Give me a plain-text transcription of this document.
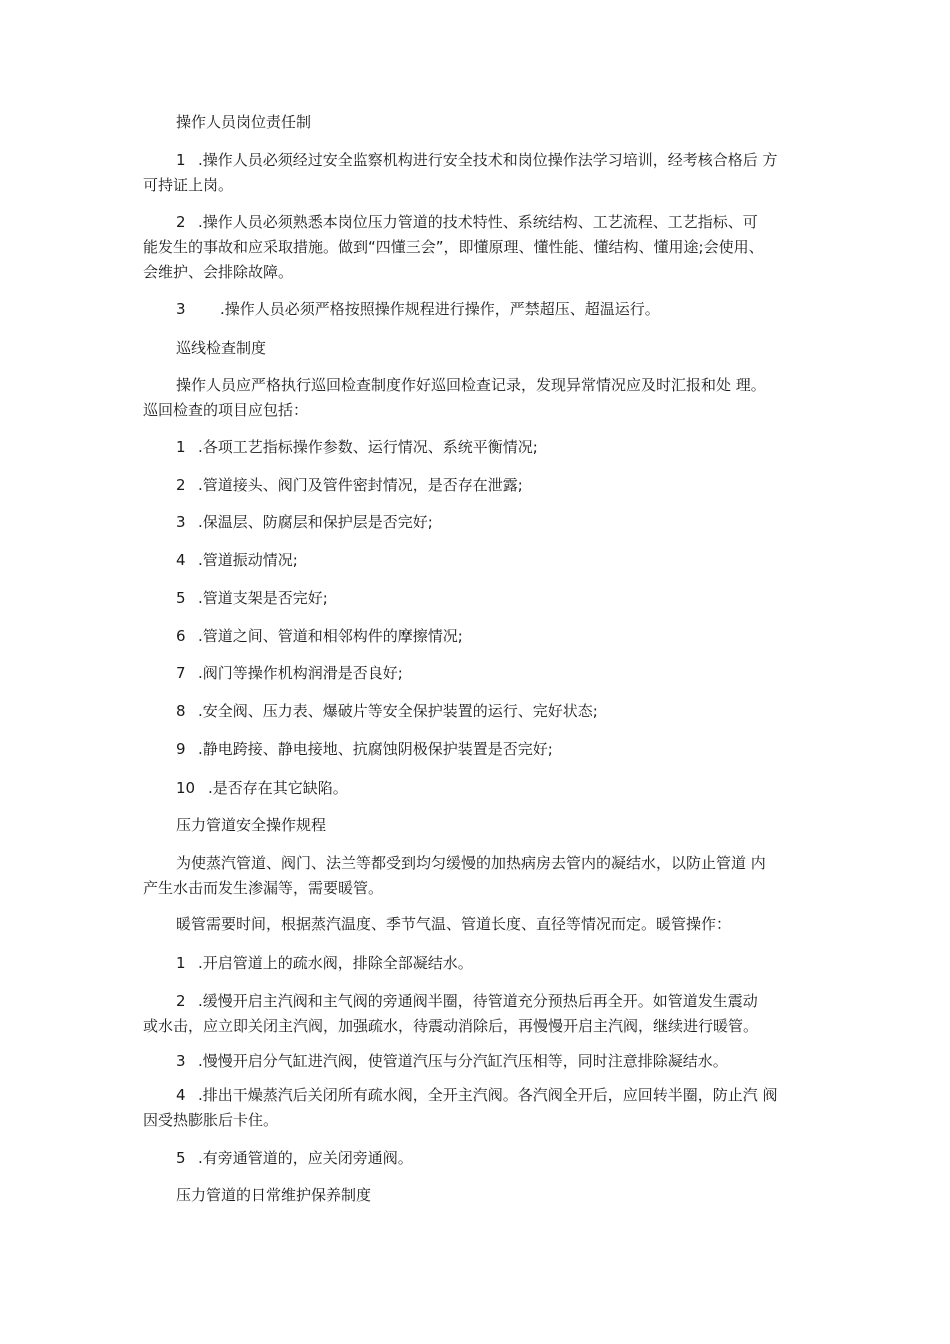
操作人员岗位责任制

1 .操作人员必须经过安全监察机构进行安全技术和岗位操作法学习培训，经考核合格后 方
可持证上岗。
2 .操作人员必须熟悉本岗位压力管道的技术特性、系统结构、工艺流程、工艺指标、可
能发生的事故和应采取措施。做到“四懂三会”，即懂原理、懂性能、懂结构、懂用途;会使用、
会维护、会排除故障。

3 .操作人员必须严格按照操作规程进行操作，严禁超压、超温运行。

巡线检查制度

操作人员应严格执行巡回检查制度作好巡回检查记录，发现异常情况应及时汇报和处 理。
巡回检查的项目应包括：

1 .各项工艺指标操作参数、运行情况、系统平衡情况;

2 .管道接头、阀门及管件密封情况，是否存在泄露;

3 .保温层、防腐层和保护层是否完好;

4 .管道振动情况;

5 .管道支架是否完好;

6 .管道之间、管道和相邻构件的摩擦情况;

7 .阀门等操作机构润滑是否良好;

8 .安全阀、压力表、爆破片等安全保护装置的运行、完好状态;

9 .静电跨接、静电接地、抗腐蚀阴极保护装置是否完好;

10 .是否存在其它缺陷。

压力管道安全操作规程

为使蒸汽管道、阀门、法兰等都受到均匀缓慢的加热病房去管内的凝结水，以防止管道 内
产生水击而发生渗漏等，需要暖管。

暖管需要时间，根据蒸汽温度、季节气温、管道长度、直径等情况而定。暖管操作：

1 .开启管道上的疏水阀，排除全部凝结水。

2 .缓慢开启主汽阀和主气阀的旁通阀半圈，待管道充分预热后再全开。如管道发生震动
或水击，应立即关闭主汽阀，加强疏水，待震动消除后，再慢慢开启主汽阀，继续进行暖管。

3 .慢慢开启分气缸进汽阀，使管道汽压与分汽缸汽压相等，同时注意排除凝结水。

4 .排出干燥蒸汽后关闭所有疏水阀，全开主汽阀。各汽阀全开后，应回转半圈，防止汽 阀
因受热膨胀后卡住。

5 .有旁通管道的，应关闭旁通阀。

压力管道的日常维护保养制度
